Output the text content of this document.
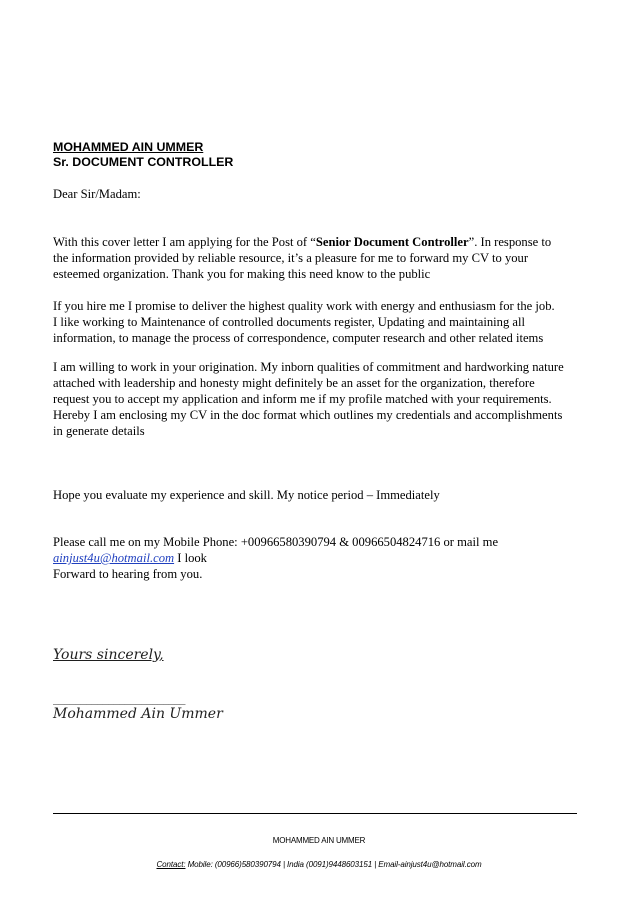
MOHAMMED AIN UMMER
Sr. DOCUMENT CONTROLLER
Dear Sir/Madam:

With this cover letter I am applying for the Post of “Senior Document Controller”. In response to
the information provided by reliable resource, it’s a pleasure for me to forward my CV to your
esteemed organization. Thank you for making this need know to the public

If you hire me I promise to deliver the highest quality work with energy and enthusiasm for the job.
I like working to Maintenance of controlled documents register, Updating and maintaining all
information, to manage the process of correspondence, computer research and other related items

I am willing to work in your origination. My inborn qualities of commitment and hardworking nature
attached with leadership and honesty might definitely be an asset for the organization, therefore
request you to accept my application and inform me if my profile matched with your requirements.
Hereby I am enclosing my CV in the doc format which outlines my credentials and accomplishments
in generate details

Hope you evaluate my experience and skill. My notice period – Immediately

Please call me on my Mobile Phone: +00966580390794 & 00966504824716 or mail me
ainjust4u@hotmail.com I look
Forward to hearing from you.

Yours sincerely,
________________________
Mohammed Ain Ummer
MOHAMMED AIN UMMER
Contact: Mobile: (00966)580390794 | India (0091)9448603151 | Email-ainjust4u@hotmail.com
